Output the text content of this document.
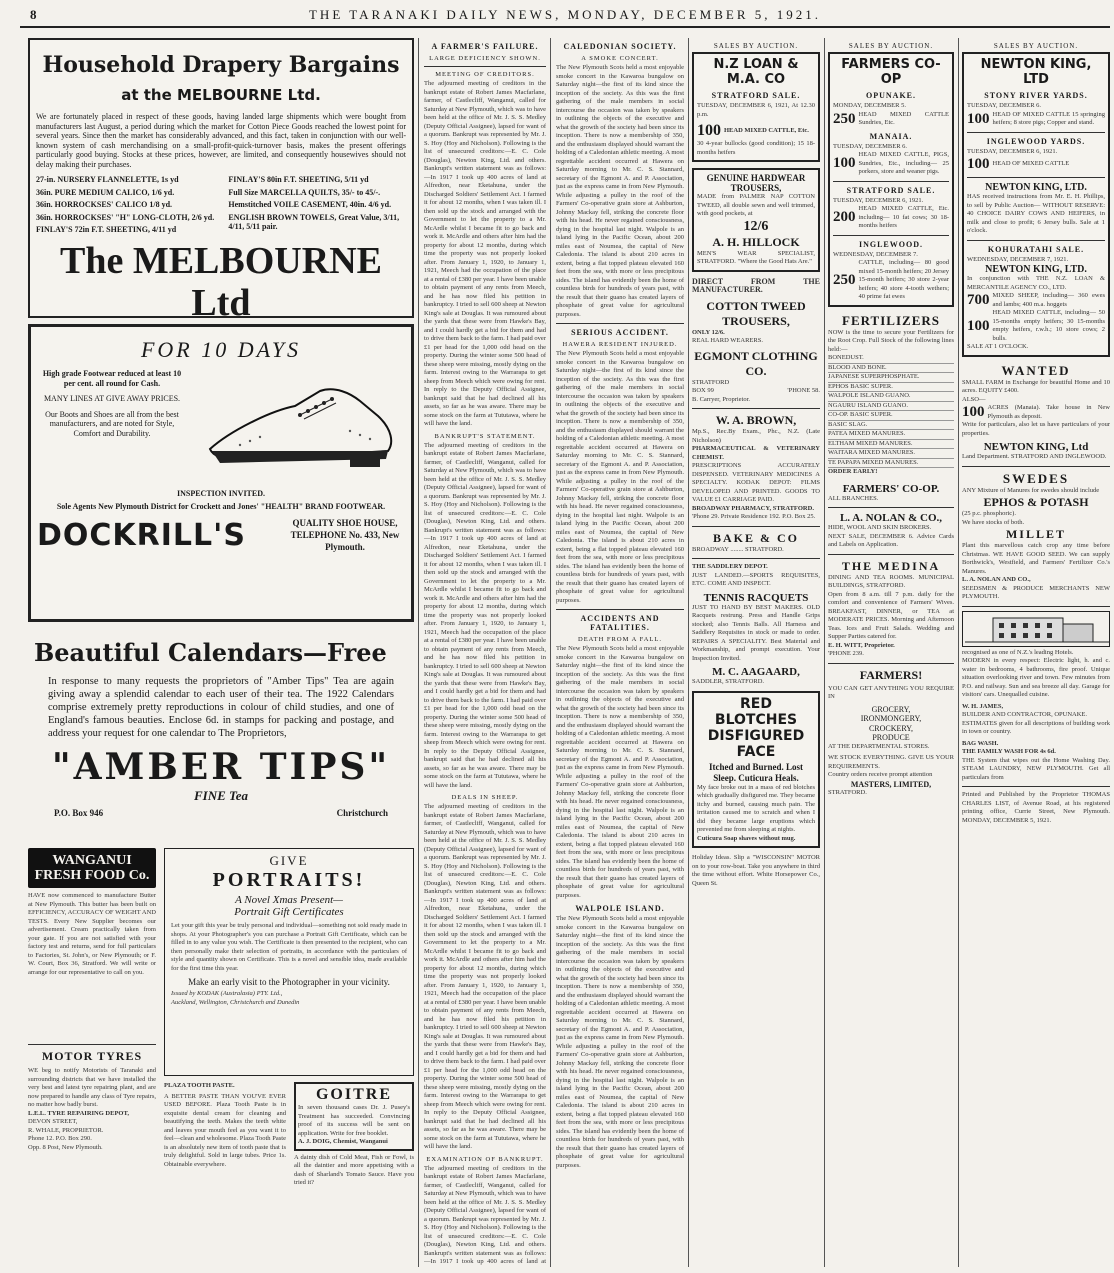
8	THE TARANAKI DAILY NEWS, MONDAY, DECEMBER 5, 1921.
Household Drapery Bargains
at the MELBOURNE Ltd.
We are fortunately placed in respect of these goods, having landed large shipments which were bought from manufacturers last August, a period during which the market for Cotton Piece Goods reached the lowest point for several years. Since then the market has considerably advanced, and this fact, taken in conjunction with our well-known system of cash merchandising on a small-profit-quick-turnover basis, makes the present offerings particularly good buying. Stocks at these prices, however, are limited, and consequently housewives should not delay making their purchases.
27-in. NURSERY FLANNELETTE, 1s yd
36in. PURE MEDIUM CALICO, 1/6 yd.
36in. HORROCKSES' CALICO 1/8 yd.
36in. HORROCKSES' "H" LONG-CLOTH, 2/6 yd.
FINLAY'S 72in F.T. SHEETING, 4/11 yd
FINLAY'S 80in F.T. SHEETING, 5/11 yd
Full Size MARCELLA QUILTS, 35/- to 45/-.
Hemstitched VOILE CASEMENT, 40in. 4/6 yd.
ENGLISH BROWN TOWELS, Great Value, 3/11, 4/11, 5/11 pair.
The MELBOURNE Ltd
FOR 10 DAYS
High grade Footwear reduced at least 10 per cent. all round for Cash.
MANY LINES AT GIVE AWAY PRICES.
Our Boots and Shoes are all from the best manufacturers, and are noted for Style, Comfort and Durability.
INSPECTION INVITED.
Sole Agents New Plymouth District for Crockett and Jones' "HEALTH" BRAND FOOTWEAR.
DOCKRILL'S	QUALITY SHOE HOUSE, TELEPHONE No. 433, New Plymouth.
Beautiful Calendars—Free
In response to many requests the proprietors of "Amber Tips" Tea are again giving away a splendid calendar to each user of their tea. The 1922 Calendars comprise extremely pretty reproductions in colour of child studies, and one of England's famous beauties. Enclose 6d. in stamps for packing and postage, and address your request for one calendar to The Proprietors,
"AMBER TIPS"
FINE Tea
P.O. Box 946	Christchurch
WANGANUI FRESH FOOD Co.
HAVE now commenced to manufacture Butter at New Plymouth. This butter has been built on EFFICIENCY, ACCURACY OF WEIGHT AND TESTS. Every New Supplier becomes our advertisement. Cream practically taken from your gate. If you are not satisfied with your factory test and returns, send for full particulars to Factories, St. John's, or New Plymouth; or F. W. Court, Box 36, Stratford. We will write or arrange for our representative to call on you.
MOTOR TYRES
WE beg to notify Motorists of Taranaki and surrounding districts that we have installed the very best and latest tyre repairing plant, and are now prepared to handle any class of Tyre repairs, no matter how badly burst.
L.E.L. TYRE REPAIRING DEPOT,
DEVON STREET,
R. WHALE, PROPRIETOR.
Phone 12. P.O. Box 290.
Opp. 8 Post, New Plymouth.
GIVE
PORTRAITS!
A Novel Xmas Present—
Portrait Gift Certificates
Let your gift this year be truly personal and individual—something not sold ready made in shops. At your Photographer's you can purchase a Portrait Gift Certificate, which can be filled in to any value you wish. The Certificate is then presented to the recipient, who can then personally make their selection of portraits, in accordance with the particulars of style and quantity shown on Certificate. This is a novel and sensible idea, made available for the first time this year.
Make an early visit to the Photographer in your vicinity.
Issued by KODAK (Australasia) PTY. Ltd.,
Auckland, Wellington, Christchurch and Dunedin
PLAZA TOOTH PASTE.
A BETTER PASTE THAN YOU'VE EVER USED BEFORE. Plaza Tooth Paste is in exquisite dental cream for cleaning and beautifying the teeth. Makes the teeth white and leaves your mouth feel as you want it to feel—clean and wholesome. Plaza Tooth Paste is an absolutely new item of tooth paste that is truly delightful. Sold in large tubes. Price 1s. Obtainable everywhere.
GOITRE
In seven thousand cases Dr. J. Pusey's Treatment has succeeded. Convincing proof of its success will be sent on application. Write for free booklet.
A. J. DOIG, Chemist, Wanganui
A dainty dish of Cold Meat, Fish or Fowl, is all the daintier and more appetising with a dash of Sharland's Tomato Sauce. Have you tried it?
A FARMER'S FAILURE.
LARGE DEFICIENCY SHOWN.
MEETING OF CREDITORS.
The adjourned meeting of creditors in the bankrupt estate of Robert James Macfarlane, farmer, of Castlecliff, Wanganui, called for Saturday at New Plymouth, which was to have been held at the office of Mr. J. S. S. Medley (Deputy Official Assignee), lapsed for want of a quorum. Bankrupt was represented by Mr. J. S. Hoy (Hoy and Nicholson). Following is the list of unsecured creditors:—E. C. Cole (Douglas), Newton King, Ltd. and others. Bankrupt's written statement was as follows:—In 1917 I took up 400 acres of land at Alfredton, near Eketahuna, under the Discharged Soldiers' Settlement Act. I farmed it for about 12 months, when I was taken ill. I then sold up the stock and arranged with the Government to let the property to a Mr. McArdle whilst I became fit to go back and work it. McArdle and others after him had the property for about 12 months, during which time the property was not properly looked after. From January 1, 1920, to January 1, 1921, Meech had the occupation of the place at a rental of £380 per year. I have been unable to obtain payment of any rents from Meech, and he has now filed his petition in bankruptcy. I tried to sell 600 sheep at Newton King's sale at Douglas. It was rumoured about the yards that these were from Hawke's Bay, and I could hardly get a bid for them and had to drive them back to the farm. I had paid over £1 per head for the 1,000 odd head on the property. During the winter some 500 head of these sheep were missing, mostly dying on the farm. Interest owing to the Warrarapa to get sheep from Meech which were owing for rent. In reply to the Deputy Official Assignee, bankrupt said that he had declined all his assets, so far as he was aware. There may be some stock on the farm at Tututawa, where he will have the land.
BANKRUPT'S STATEMENT.
The adjourned meeting of creditors in the bankrupt estate of Robert James Macfarlane, farmer, of Castlecliff, Wanganui, called for Saturday at New Plymouth, which was to have been held at the office of Mr. J. S. S. Medley (Deputy Official Assignee), lapsed for want of a quorum. Bankrupt was represented by Mr. J. S. Hoy (Hoy and Nicholson). Following is the list of unsecured creditors:—E. C. Cole (Douglas), Newton King, Ltd. and others. Bankrupt's written statement was as follows:—In 1917 I took up 400 acres of land at Alfredton, near Eketahuna, under the Discharged Soldiers' Settlement Act. I farmed it for about 12 months, when I was taken ill. I then sold up the stock and arranged with the Government to let the property to a Mr. McArdle whilst I became fit to go back and work it. McArdle and others after him had the property for about 12 months, during which time the property was not properly looked after. From January 1, 1920, to January 1, 1921, Meech had the occupation of the place at a rental of £380 per year. I have been unable to obtain payment of any rents from Meech, and he has now filed his petition in bankruptcy. I tried to sell 600 sheep at Newton King's sale at Douglas. It was rumoured about the yards that these were from Hawke's Bay, and I could hardly get a bid for them and had to drive them back to the farm. I had paid over £1 per head for the 1,000 odd head on the property. During the winter some 500 head of these sheep were missing, mostly dying on the farm. Interest owing to the Warrarapa to get sheep from Meech which were owing for rent. In reply to the Deputy Official Assignee, bankrupt said that he had declined all his assets, so far as he was aware. There may be some stock on the farm at Tututawa, where he will have the land.
DEALS IN SHEEP.
The adjourned meeting of creditors in the bankrupt estate of Robert James Macfarlane, farmer, of Castlecliff, Wanganui, called for Saturday at New Plymouth, which was to have been held at the office of Mr. J. S. S. Medley (Deputy Official Assignee), lapsed for want of a quorum. Bankrupt was represented by Mr. J. S. Hoy (Hoy and Nicholson). Following is the list of unsecured creditors:—E. C. Cole (Douglas), Newton King, Ltd. and others. Bankrupt's written statement was as follows:—In 1917 I took up 400 acres of land at Alfredton, near Eketahuna, under the Discharged Soldiers' Settlement Act. I farmed it for about 12 months, when I was taken ill. I then sold up the stock and arranged with the Government to let the property to a Mr. McArdle whilst I became fit to go back and work it. McArdle and others after him had the property for about 12 months, during which time the property was not properly looked after. From January 1, 1920, to January 1, 1921, Meech had the occupation of the place at a rental of £380 per year. I have been unable to obtain payment of any rents from Meech, and he has now filed his petition in bankruptcy. I tried to sell 600 sheep at Newton King's sale at Douglas. It was rumoured about the yards that these were from Hawke's Bay, and I could hardly get a bid for them and had to drive them back to the farm. I had paid over £1 per head for the 1,000 odd head on the property. During the winter some 500 head of these sheep were missing, mostly dying on the farm. Interest owing to the Warrarapa to get sheep from Meech which were owing for rent. In reply to the Deputy Official Assignee, bankrupt said that he had declined all his assets, so far as he was aware. There may be some stock on the farm at Tututawa, where he will have the land.
EXAMINATION OF BANKRUPT.
The adjourned meeting of creditors in the bankrupt estate of Robert James Macfarlane, farmer, of Castlecliff, Wanganui, called for Saturday at New Plymouth, which was to have been held at the office of Mr. J. S. S. Medley (Deputy Official Assignee), lapsed for want of a quorum. Bankrupt was represented by Mr. J. S. Hoy (Hoy and Nicholson). Following is the list of unsecured creditors:—E. C. Cole (Douglas), Newton King, Ltd. and others. Bankrupt's written statement was as follows:—In 1917 I took up 400 acres of land at
CALEDONIAN SOCIETY.
A SMOKE CONCERT.
The New Plymouth Scots held a most enjoyable smoke concert in the Kawaroa bungalow on Saturday night—the first of its kind since the inception of the society. As this was the first gathering of the male members in social intercourse the occasion was taken by speakers in outlining the objects of the executive and what the growth of the society had been since its inception. There is now a membership of 350, and the enthusiasm displayed should warrant the holding of a Caledonian athletic meeting. A most regrettable accident occurred at Hawera on Saturday morning to Mr. C. S. Stannard, secretary of the Egmont A. and P. Association, just as the express came in from New Plymouth. While adjusting a pulley in the roof of the Farmers' Co-operative grain store at Ashburton, Johnny Mackay fell, striking the concrete floor with his head. He never regained consciousness, dying in the hospital last night. Walpole is an island lying in the Pacific Ocean, about 200 miles east of Noumea, the capital of New Caledonia. The island is about 210 acres in extent, being a flat topped plateau elevated 160 feet from the sea, with more or less precipitous sides. The island has evidently been the home of countless birds for hundreds of years past, with the result that their guano has created layers of phosphate of great value for agricultural purposes.
SERIOUS ACCIDENT.
HAWERA RESIDENT INJURED.
The New Plymouth Scots held a most enjoyable smoke concert in the Kawaroa bungalow on Saturday night—the first of its kind since the inception of the society. As this was the first gathering of the male members in social intercourse the occasion was taken by speakers in outlining the objects of the executive and what the growth of the society had been since its inception. There is now a membership of 350, and the enthusiasm displayed should warrant the holding of a Caledonian athletic meeting. A most regrettable accident occurred at Hawera on Saturday morning to Mr. C. S. Stannard, secretary of the Egmont A. and P. Association, just as the express came in from New Plymouth. While adjusting a pulley in the roof of the Farmers' Co-operative grain store at Ashburton, Johnny Mackay fell, striking the concrete floor with his head. He never regained consciousness, dying in the hospital last night. Walpole is an island lying in the Pacific Ocean, about 200 miles east of Noumea, the capital of New Caledonia. The island is about 210 acres in extent, being a flat topped plateau elevated 160 feet from the sea, with more or less precipitous sides. The island has evidently been the home of countless birds for hundreds of years past, with the result that their guano has created layers of phosphate of great value for agricultural purposes.
ACCIDENTS AND FATALITIES.
DEATH FROM A FALL.
The New Plymouth Scots held a most enjoyable smoke concert in the Kawaroa bungalow on Saturday night—the first of its kind since the inception of the society. As this was the first gathering of the male members in social intercourse the occasion was taken by speakers in outlining the objects of the executive and what the growth of the society had been since its inception. There is now a membership of 350, and the enthusiasm displayed should warrant the holding of a Caledonian athletic meeting. A most regrettable accident occurred at Hawera on Saturday morning to Mr. C. S. Stannard, secretary of the Egmont A. and P. Association, just as the express came in from New Plymouth. While adjusting a pulley in the roof of the Farmers' Co-operative grain store at Ashburton, Johnny Mackay fell, striking the concrete floor with his head. He never regained consciousness, dying in the hospital last night. Walpole is an island lying in the Pacific Ocean, about 200 miles east of Noumea, the capital of New Caledonia. The island is about 210 acres in extent, being a flat topped plateau elevated 160 feet from the sea, with more or less precipitous sides. The island has evidently been the home of countless birds for hundreds of years past, with the result that their guano has created layers of phosphate of great value for agricultural purposes.
WALPOLE ISLAND.
The New Plymouth Scots held a most enjoyable smoke concert in the Kawaroa bungalow on Saturday night—the first of its kind since the inception of the society. As this was the first gathering of the male members in social intercourse the occasion was taken by speakers in outlining the objects of the executive and what the growth of the society had been since its inception. There is now a membership of 350, and the enthusiasm displayed should warrant the holding of a Caledonian athletic meeting. A most regrettable accident occurred at Hawera on Saturday morning to Mr. C. S. Stannard, secretary of the Egmont A. and P. Association, just as the express came in from New Plymouth. While adjusting a pulley in the roof of the Farmers' Co-operative grain store at Ashburton, Johnny Mackay fell, striking the concrete floor with his head. He never regained consciousness, dying in the hospital last night. Walpole is an island lying in the Pacific Ocean, about 200 miles east of Noumea, the capital of New Caledonia. The island is about 210 acres in extent, being a flat topped plateau elevated 160 feet from the sea, with more or less precipitous sides. The island has evidently been the home of countless birds for hundreds of years past, with the result that their guano has created layers of phosphate of great value for agricultural purposes.
SALES BY AUCTION.
N.Z LOAN & M.A. CO
STRATFORD SALE.
TUESDAY, DECEMBER 6, 1921, At 12.30 p.m.
100 HEAD MIXED CATTLE, Etc.
30 4-year bullocks (good condition); 15 18-months heifers
GENUINE HARDWEAR TROUSERS,
MADE from PALMER NAP COTTON TWEED, all double sewn and well trimmed, with good pockets, at
12/6
A. H. HILLOCK
MEN'S WEAR SPECIALIST, STRATFORD. "Where the Good Hats Are."
DIRECT FROM THE MANUFACTURER.
COTTON TWEED TROUSERS,
ONLY 12/6.
REAL HARD WEARERS.
EGMONT CLOTHING CO.
STRATFORD
BOX 99	'PHONE 58.
B. Carryer, Proprietor.
W. A. BROWN,
Mp.S., Rec.By Exam., Phc., N.Z. (Late Nicholson)
PHARMACEUTICAL & VETERINARY CHEMIST.
PRESCRIPTIONS ACCURATELY DISPENSED. VETERINARY MEDICINES A SPECIALTY. KODAK DEPOT: FILMS DEVELOPED AND PRINTED. GOODS TO VALUE £1 CARRIAGE PAID.
BROADWAY PHARMACY, STRATFORD.
'Phone 29. Private Residence 192. P.O. Box 25.
BAKE & CO
BROADWAY ........ STRATFORD.
THE SADDLERY DEPOT.
JUST LANDED.—SPORTS REQUISITES, ETC. COME AND INSPECT.
TENNIS RACQUETS
JUST TO HAND BY BEST MAKERS. OLD Racquets restrung. Press and Handle Grips stocked; also Tennis Balls. All Harness and Saddlery Requisites in stock or made to order. REPAIRS A SPECIALITY. Best Material and Workmanship, and prompt execution. Your Inspection Invited.
M. C. AAGAARD,
SADDLER, STRATFORD.
RED BLOTCHES DISFIGURED FACE
Itched and Burned. Lost Sleep. Cuticura Heals.
My face broke out in a mass of red blotches which gradually disfigured me. They became itchy and burned, causing much pain. The irritation caused me to scratch and when I did they became large eruptions which prevented me from sleeping at nights.
Cuticura Soap shaves without mug.
Holiday Ideas. Slip a "WISCONSIN" MOTOR on to your row-boat. Take you anywhere in third the time without effort. White Horsepower Co., Queen St.
SALES BY AUCTION.
FARMERS CO-OP
OPUNAKE.
MONDAY, DECEMBER 5.
250 HEAD MIXED CATTLE Sundries, Etc.
MANAIA.
TUESDAY, DECEMBER 6.
100
HEAD MIXED CATTLE, PIGS, Sundries, Etc., including— 25 porkers, store and weaner pigs.
STRATFORD SALE.
TUESDAY, DECEMBER 6, 1921.
200
HEAD MIXED CATTLE, Etc. including— 10 fat cows; 30 18-months heifers
INGLEWOOD.
WEDNESDAY, DECEMBER 7.
250
CATTLE, including— 80 good mixed 15-month heifers; 20 Jersey 15-month heifers; 30 store 2-year heifers; 40 store 4-tooth wethers; 40 prime fat ewes
FERTILIZERS
NOW is the time to secure your Fertilizers for the Root Crop. Full Stock of the following lines held:—
BONEDUST.
BLOOD AND BONE.
JAPANESE SUPERPHOSPHATE.
EPHOS BASIC SUPER.
WALPOLE ISLAND GUANO.
NGAURU ISLAND GUANO.
CO-OP. BASIC SUPER.
BASIC SLAG.
PATEA MIXED MANURES.
ELTHAM MIXED MANURES.
WAITARA MIXED MANURES.
TE PAPAPA MIXED MANURES.
ORDER EARLY!
FARMERS' CO-OP.
ALL BRANCHES.
L. A. NOLAN & CO.,
HIDE, WOOL AND SKIN BROKERS.
NEXT SALE, DECEMBER 6. Advice Cards and Labels on Application.
THE MEDINA
DINING AND TEA ROOMS. MUNICIPAL BUILDINGS, STRATFORD.
Open from 8 a.m. till 7 p.m. daily for the comfort and convenience of Farmers' Wives. BREAKFAST, DINNER, or TEA at MODERATE PRICES. Morning and Afternoon Teas. Ices and Fruit Salads. Wedding and Supper Parties catered for.
E. H. WITT, Proprietor.
'PHONE 239.
FARMERS!
YOU CAN GET ANYTHING YOU REQUIRE IN
GROCERY,
IRONMONGERY,
CROCKERY,
PRODUCE
AT THE DEPARTMENTAL STORES.
WE STOCK EVERYTHING. GIVE US YOUR REQUIREMENTS.
Country orders receive prompt attention
MASTERS, LIMITED,
STRATFORD.
SALES BY AUCTION.
NEWTON KING, LTD
STONY RIVER YARDS.
TUESDAY, DECEMBER 6.
100 HEAD OF MIXED CATTLE 15 springing heifers; 8 store pigs; Copper and stand.
INGLEWOOD YARDS.
TUESDAY, DECEMBER 6, 1921.
100 HEAD OF MIXED CATTLE
NEWTON KING, LTD.
HAS received instructions from Mr. E. H. Phillips, to sell by Public Auction— WITHOUT RESERVE: 40 CHOICE DAIRY COWS AND HEIFERS, in milk and close to profit; 6 Jersey bulls. Sale at 1 o'clock.
KOHURATAHI SALE.
WEDNESDAY, DECEMBER 7, 1921.
NEWTON KING, LTD.
In conjunction with THE N.Z. LOAN & MERCANTILE AGENCY CO., LTD.
700 MIXED SHEEP, including— 360 ewes and lambs; 400 m.a. hoggets
100
HEAD MIXED CATTLE, including— 50 15-months empty heifers; 30 15-months empty heifers, r.w.h.; 10 store cows; 2 bulls.
SALE AT 1 O'CLOCK.
WANTED
SMALL FARM in Exchange for beautiful Home and 10 acres. EQUITY £400.
ALSO—
100 ACRES (Manaia). Take house in New Plymouth as deposit.
Write for particulars, also let us have particulars of your properties.
NEWTON KING, Ltd
Land Department. STRATFORD AND INGLEWOOD.
SWEDES
ANY Mixture of Manures for swedes should include
EPHOS & POTASH
(25 p.c. phosphoric).
We have stocks of both.
MILLET
Plant this marvellous catch crop any time before Christmas. WE HAVE GOOD SEED. We can supply Borthwick's, Westfield, and Farmers' Fertilizer Co.'s Manures.
L. A. NOLAN AND CO.,
SEEDSMEN & PRODUCE MERCHANTS NEW PLYMOUTH.
recognised as one of N.Z.'s leading Hotels.
MODERN in every respect: Electric light, h. and c. water in bedrooms, 4 bathrooms, fire proof. Unique situation overlooking river and town. Few minutes from P.O. and railway. Sun and sea breeze all day. Garage for visitors' cars. Unequalled cuisine.
W. H. JAMES,
BUILDER AND CONTRACTOR, OPUNAKE.
ESTIMATES given for all descriptions of building work in town or country.
BAG WASH.
THE FAMILY WASH FOR 4s 6d.
THE System that wipes out the Home Washing Day. STEAM LAUNDRY, NEW PLYMOUTH. Get all particulars from
Printed and Published by the Proprietor THOMAS CHARLES LIST, of Avenue Road, at his registered printing office, Currie Street, New Plymouth. MONDAY, DECEMBER 5, 1921.
